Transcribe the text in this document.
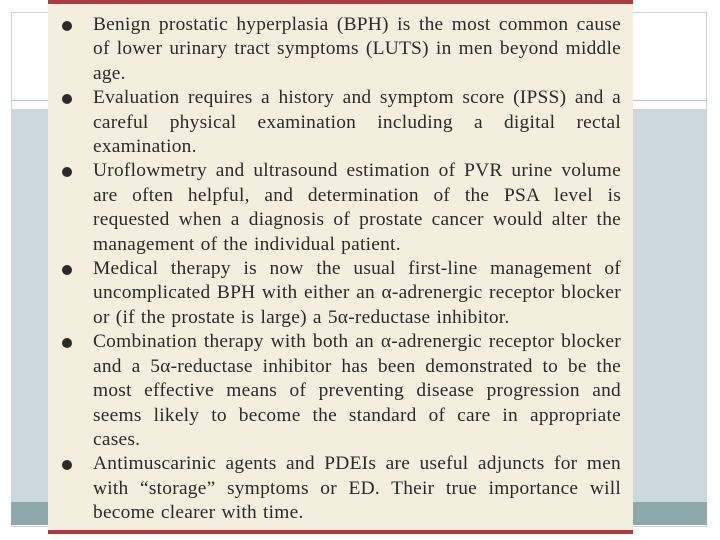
Benign prostatic hyperplasia (BPH) is the most common cause of lower urinary tract symptoms (LUTS) in men beyond middle age.
Evaluation requires a history and symptom score (IPSS) and a careful physical examination including a digital rectal examination.
Uroflowmetry and ultrasound estimation of PVR urine volume are often helpful, and determination of the PSA level is requested when a diagnosis of prostate cancer would alter the management of the individual patient.
Medical therapy is now the usual first-line management of uncomplicated BPH with either an α-adrenergic receptor blocker or (if the prostate is large) a 5α-reductase inhibitor.
Combination therapy with both an α-adrenergic receptor blocker and a 5α-reductase inhibitor has been demonstrated to be the most effective means of preventing disease progression and seems likely to become the standard of care in appropriate cases.
Antimuscarinic agents and PDEIs are useful adjuncts for men with “storage” symptoms or ED. Their true importance will become clearer with time.
